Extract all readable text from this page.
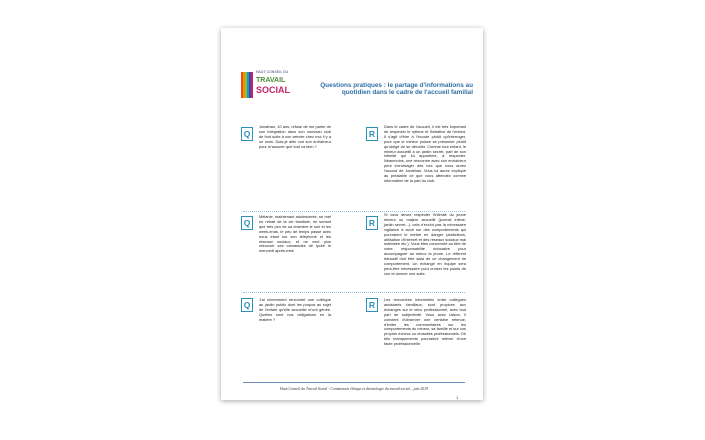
HAUT CONSEIL DU
TRAVAIL
SOCIAL	Questions pratiques : le partage d'informations au quotidien dans le cadre de l'accueil familial
Q
Jonathan, 10 ans, refuse de me parler de son intégration dans son nouveau club de foot suite à son arrivée chez moi il y a un mois. Dois-je aller voir son entraîneur pour m'assurer que tout va bien ?
R
Dans le cadre de l'accueil, il est très important de respecter le rythme et l'initiative de l'enfant. Il s'agit d'être à l'écoute plutôt qu'interroger, pour que le mineur puisse se présenter plutôt qu'obligé de se dévoiler. Comme tout enfant, le mineur accueilli a un jardin secret, part de son intimité qui lui appartient, à respecter. Néanmoins, une rencontre avec son entraîneur peut s'envisager dès lors que vous aurez l'accord de Jonathan. Vous lui aurez expliqué au préalable ce que vous attendez comme information de la part du club.
Q
Mélanie, maintenant adolescente, se met en retrait de la vie familiale, ne sortant que très peu de sa chambre le soir et les week-ends, le peu de temps passé avec nous étant sur son téléphone et les réseaux sociaux, et ne veut plus retrouver ses camarades de lycée le mercredi après-midi.
R
Si vous devez respecter l'intimité du jeune mineur ou majeur accueilli (journal intime, jardin secret...), cela n'exclut pas la nécessaire vigilance à avoir sur des comportements qui pourraient le mettre en danger (addictions, utilisation d'Internet et des réseaux sociaux mal maîtrisée etc.). Vous êtes concernée au titre de votre responsabilité éducative pour accompagner au mieux la jeune. Le référent éducatif doit être saisi de ce changement de comportement. Un échange en équipe sera peut-être nécessaire pour croiser les points de vue et donner une suite.
Q
J'ai récemment rencontré une collègue au jardin public dont les propos au sujet de l'enfant qu'elle accueille m'ont gênée. Quelles sont nos obligations en la matière ?
R
Les rencontres informelles entre collègues assistants familiaux, sont propices aux échanges sur le vécu professionnel, avec tout part de subjectivité. Vous avez raison, il convient d'observer une certaine retenue, d'éviter les commentaires sur les comportements du mineur, sa famille et sur vos propres échecs ou réussites professionnels. De tels manquements pourraient relever d'une faute professionnelle.
Haut Conseil du Travail Social - Commission éthique et déontologie du travail social – juin 2019
1
